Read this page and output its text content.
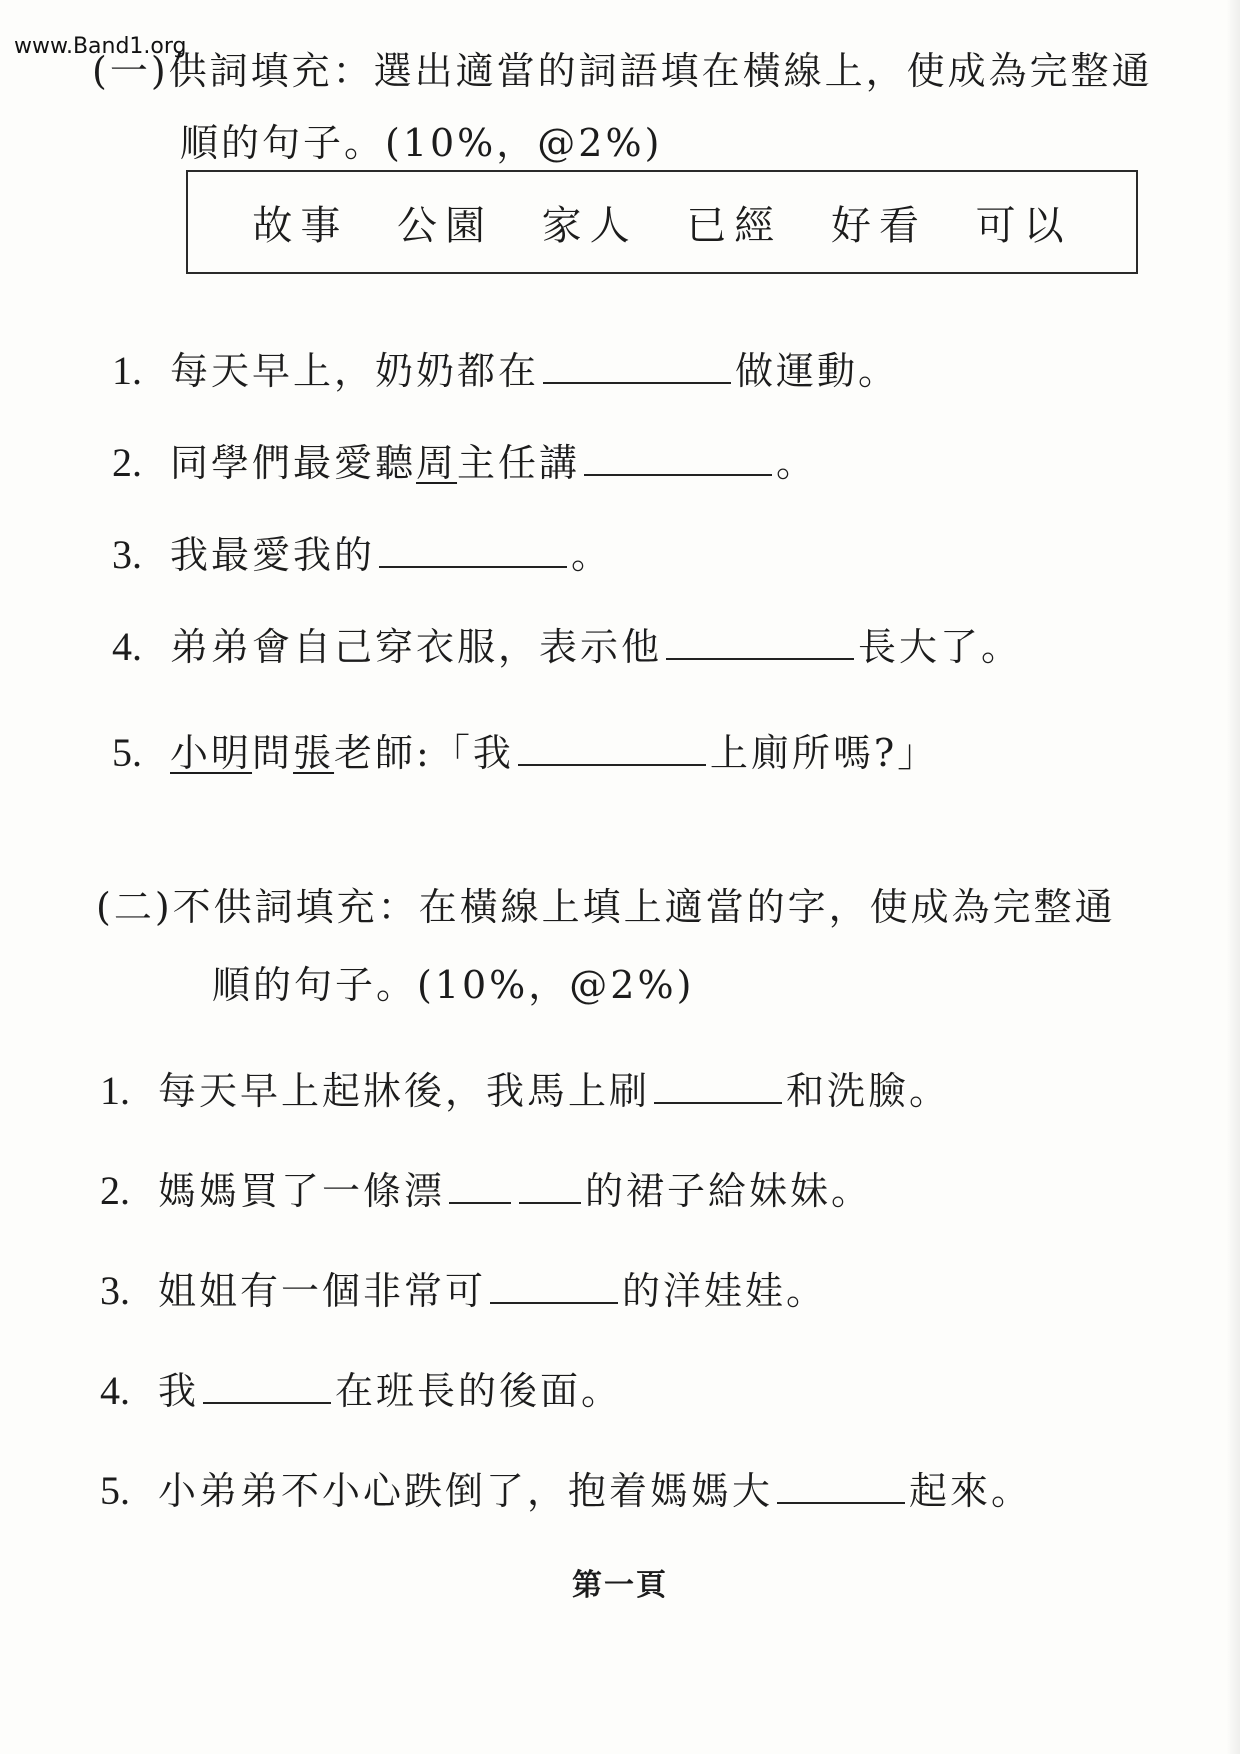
www.Band1.org
(一)供詞填充：選出適當的詞語填在橫線上，使成為完整通
順的句子。(10%，@2%)
故事 公園 家人 已經 好看 可以
1. 每天早上，奶奶都在	做運動。
2. 同學們最愛聽 周 主任講	。
3. 我最愛我的	。
4. 弟弟會自己穿衣服，表示他	長大了。
5. 小明 問 張 老師:「我	上廁所嗎?」
(二)不供詞填充：在橫線上填上適當的字，使成為完整通
順的句子。(10%，@2%)
1. 每天早上起牀後，我馬上刷	和洗臉。
2. 媽媽買了一條漂	的裙子給妹妹。
3. 姐姐有一個非常可	的洋娃娃。
4. 我	在班長的後面。
5. 小弟弟不小心跌倒了，抱着媽媽大	起來。
第一頁
